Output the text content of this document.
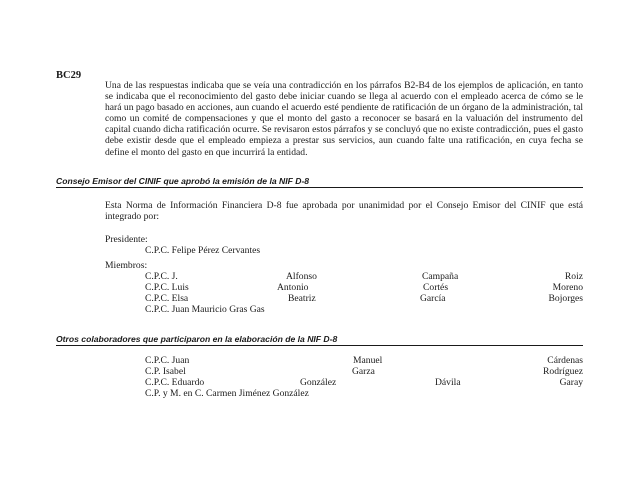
BC29
Una de las respuestas indicaba que se veía una contradicción en los párrafos B2-B4 de los ejemplos de aplicación, en tanto se indicaba que el reconocimiento del gasto debe iniciar cuando se llega al acuerdo con el empleado acerca de cómo se le hará un pago basado en acciones, aun cuando el acuerdo esté pendiente de ratificación de un órgano de la administración, tal como un comité de compensaciones y que el monto del gasto a reconocer se basará en la valuación del instrumento del capital cuando dicha ratificación ocurre. Se revisaron estos párrafos y se concluyó que no existe contradicción, pues el gasto debe existir desde que el empleado empieza a prestar sus servicios, aun cuando falte una ratificación, en cuya fecha se define el monto del gasto en que incurrirá la entidad.
Consejo Emisor del CINIF que aprobó la emisión de la NIF D-8
Esta Norma de Información Financiera D-8 fue aprobada por unanimidad por el Consejo Emisor del CINIF que está integrado por:
Presidente:
C.P.C. Felipe Pérez Cervantes
Miembros:
C.P.C. J.	Alfonso	Campaña	Roiz
C.P.C. Luis	Antonio	Cortés	Moreno
C.P.C. Elsa	Beatriz	García	Bojorges
C.P.C. Juan Mauricio Gras Gas
Otros colaboradores que participaron en la elaboración de la NIF D-8
C.P.C. Juan	Manuel	Cárdenas
C.P. Isabel	Garza	Rodríguez
C.P.C. Eduardo	González	Dávila	Garay
C.P. y M. en C. Carmen Jiménez González
